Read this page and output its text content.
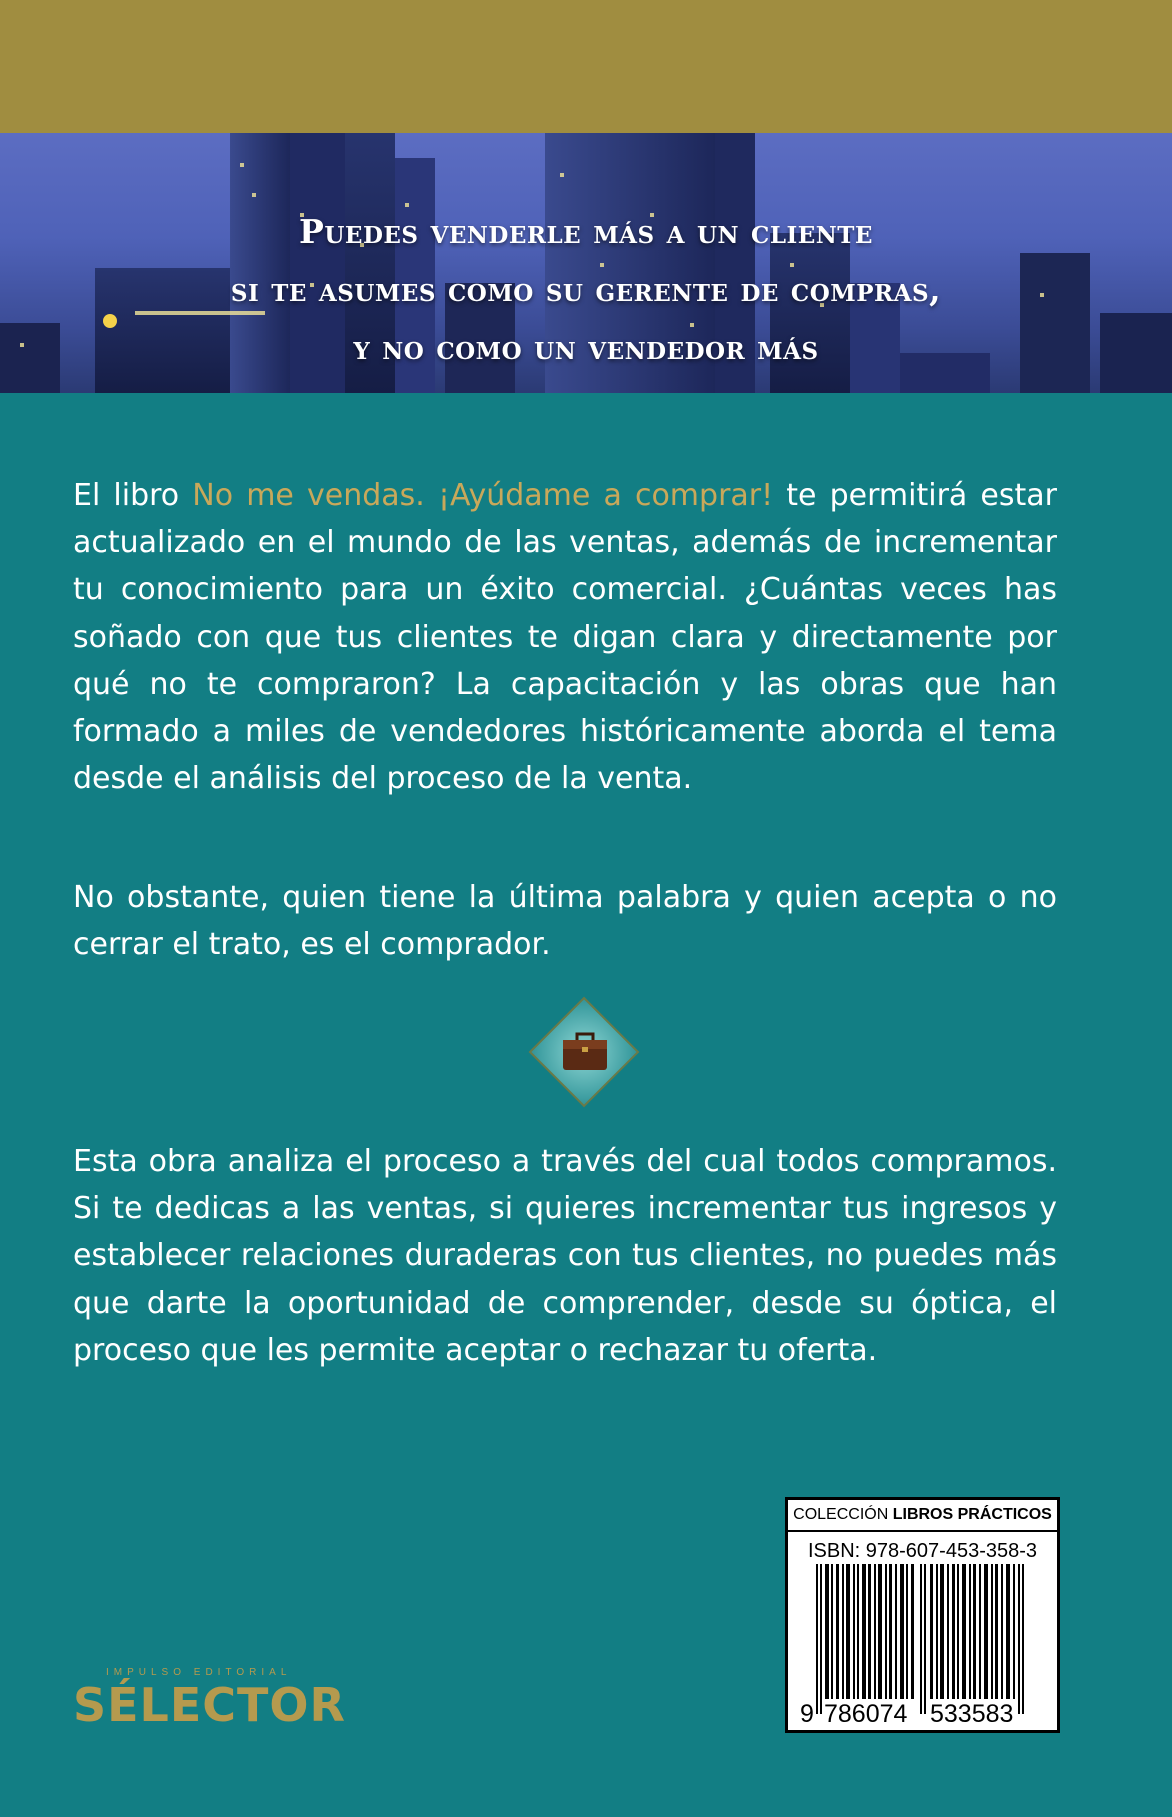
Puedes venderle más a un cliente
si te asumes como su gerente de compras,
y no como un vendedor más

El libro No me vendas. ¡Ayúdame a comprar! te permitirá estar actualizado en el mundo de las ventas, además de incrementar tu conocimiento para un éxito comercial. ¿Cuántas veces has soñado con que tus clientes te digan clara y directamente por qué no te compraron? La capacitación y las obras que han formado a miles de vendedores históricamente aborda el tema desde el análisis del proceso de la venta.

No obstante, quien tiene la última palabra y quien acepta o no cerrar el trato, es el comprador.

Esta obra analiza el proceso a través del cual todos compramos. Si te dedicas a las ventas, si quieres incrementar tus ingresos y establecer relaciones duraderas con tus clientes, no puedes más que darte la oportunidad de comprender, desde su óptica, el proceso que les permite aceptar o rechazar tu oferta.

COLECCIÓN LIBROS PRÁCTICOS
ISBN: 978-607-453-358-3
9 786074 533583
IMPULSO EDITORIAL
SÉLECTOR
